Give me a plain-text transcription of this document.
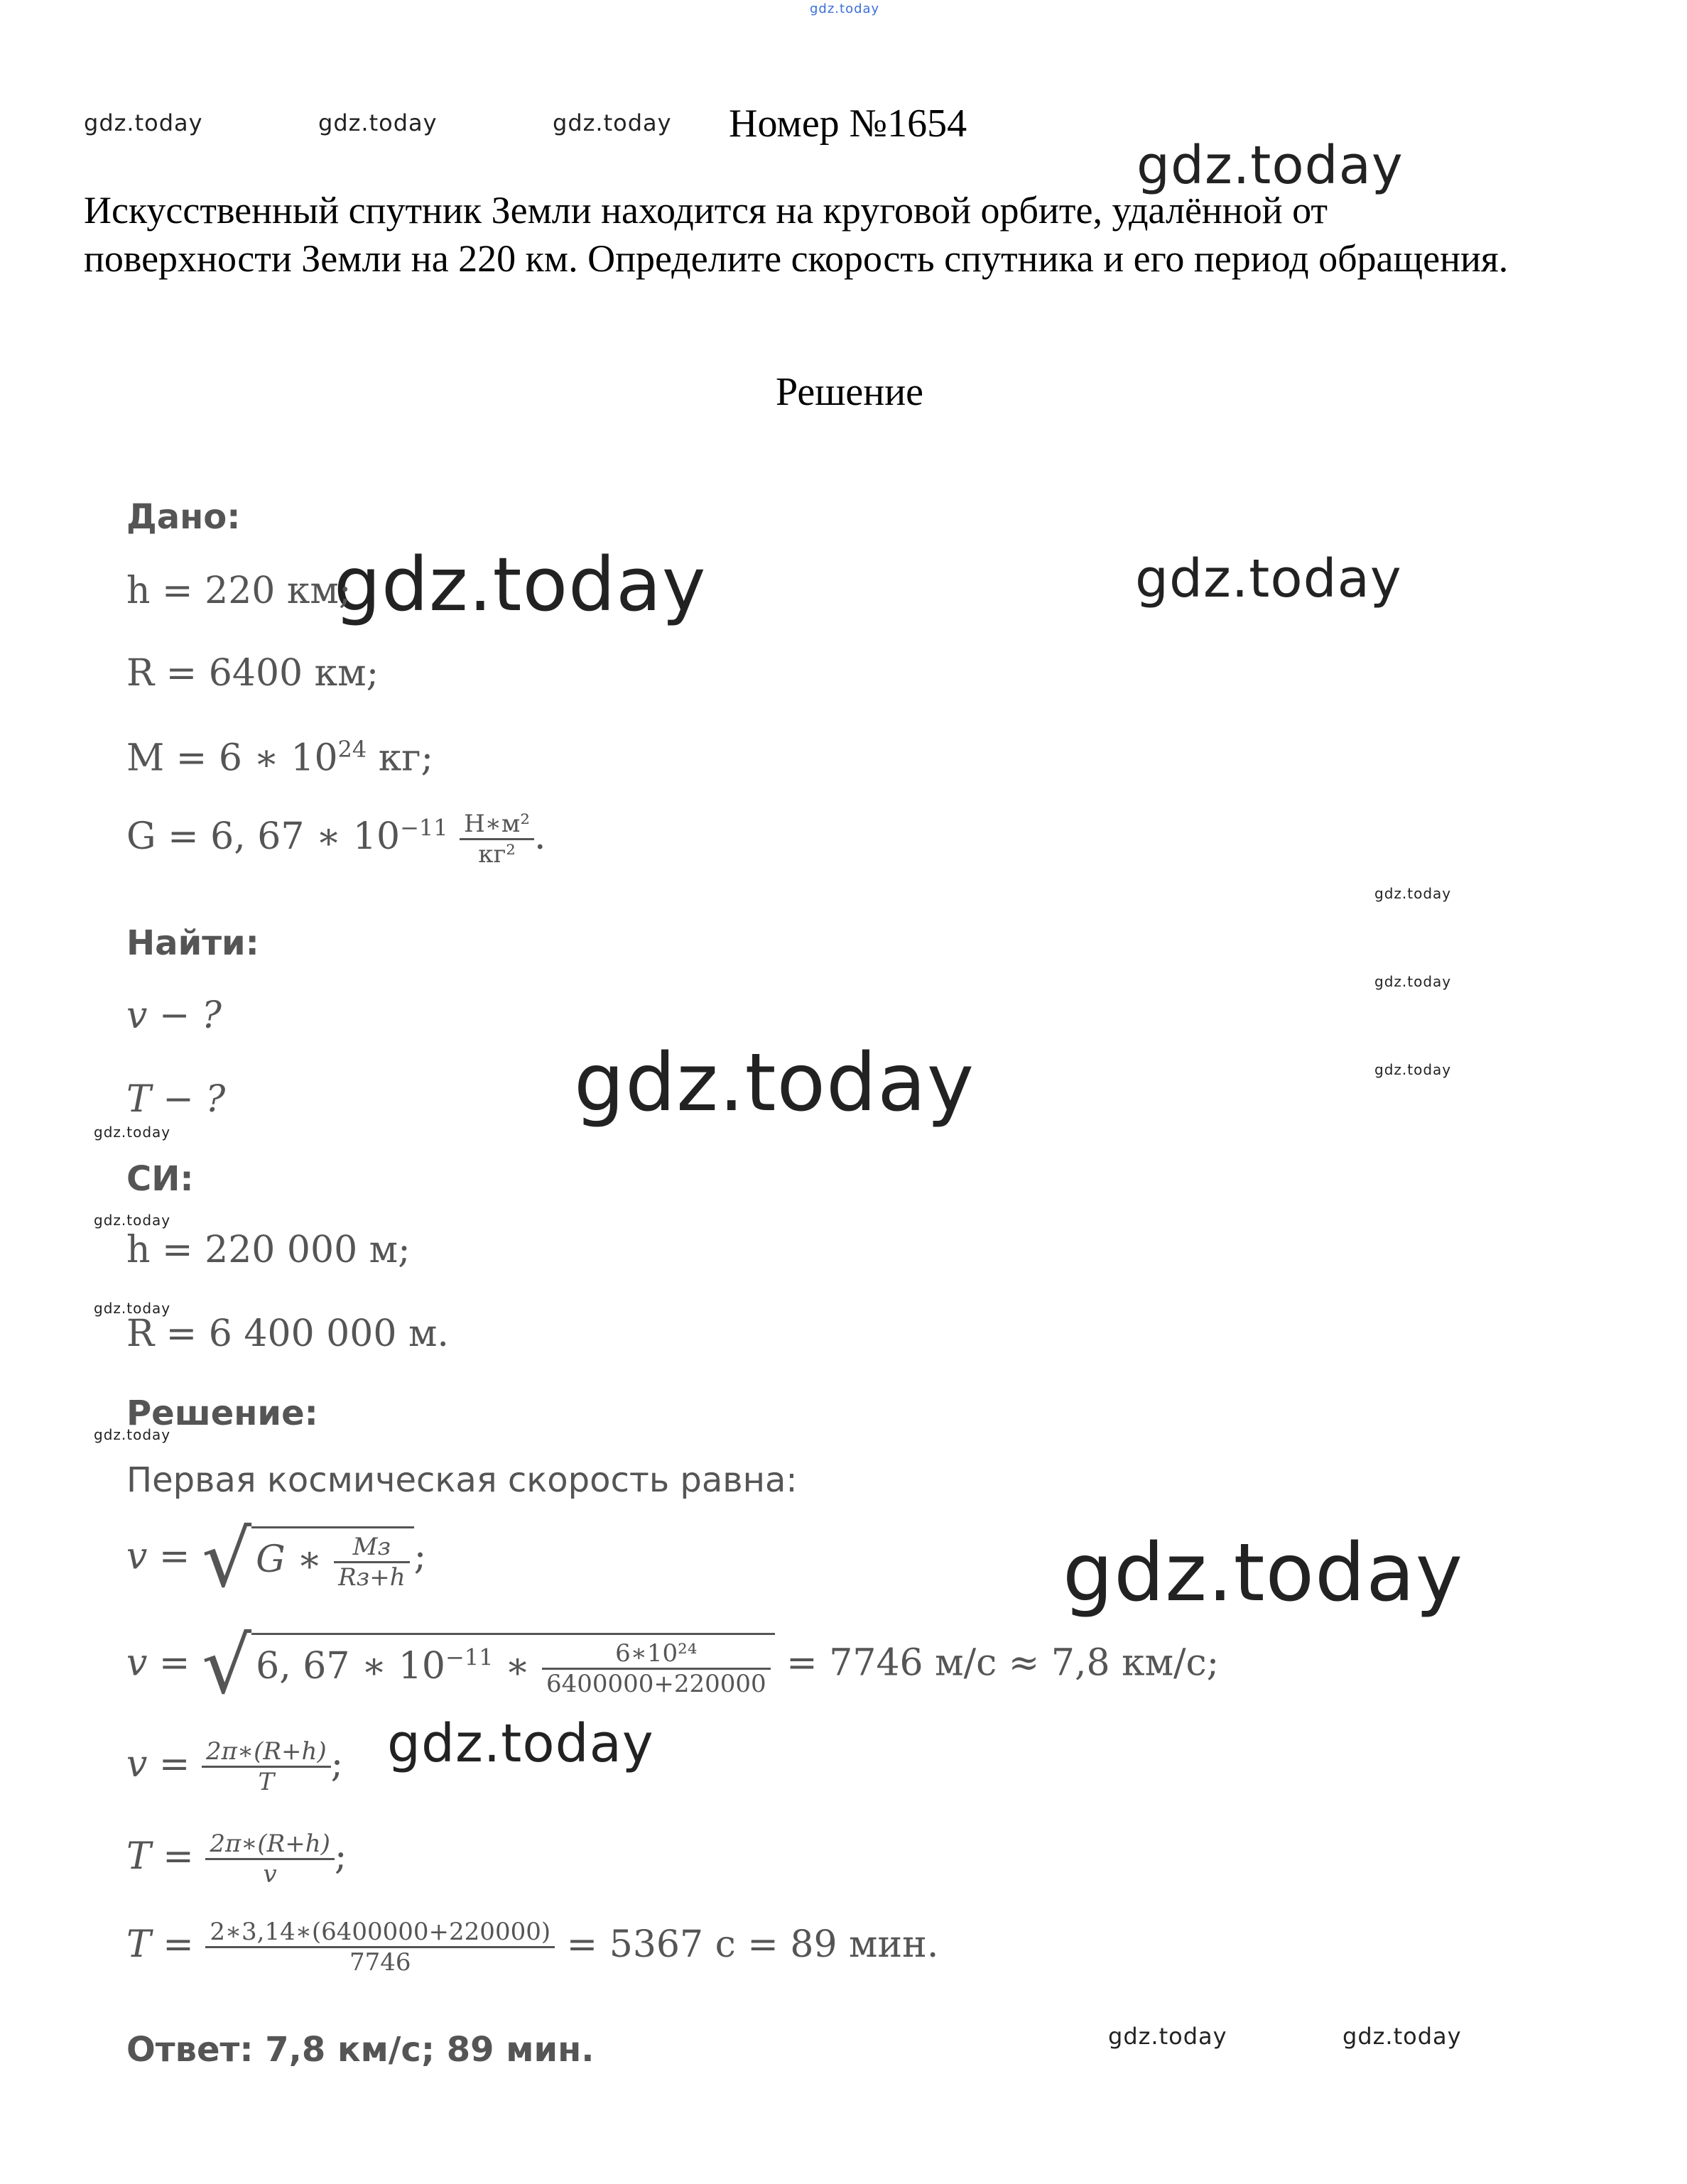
gdz.today
gdz.today	gdz.today	gdz.today
gdz.today
gdz.today	gdz.today
gdz.today
gdz.today
gdz.today
gdz.today
gdz.today
gdz.today
gdz.today
gdz.today
gdz.today
gdz.today
gdz.today	gdz.today
Номер №1654
Искусственный спутник Земли находится на круговой орбите, удалённой от поверхности Земли на 220 км. Определите скорость спутника и его период обращения.
Решение
Дано:
h = 220 км;
R = 6400 км;
M = 6 ∗ $10^{24}$ кг;
G = 6, 67 ∗ $10^{-11} \frac{\text{Н∗м²}}{\text{кг²}}$ .
Найти:
v − ?
T − ?
СИ:
h = 220 000 м;
R = 6 400 000 м.
Решение:
Первая космическая скорость равна:
v = √ G ∗ $\frac{Mз}{Rз+h}$ ;
v = √ 6, 67 ∗ $10^{-11}$ ∗ $\frac{\text{6∗10²⁴}}{6400000+220000} = 7746$ м/с ≈ 7,8 км/с;
$v = \frac{2\pi∗(R+h)}{T}$ ;
$T = \frac{2\pi∗(R+h)}{v}$ ;
$T = \frac{2∗3,14∗(6400000+220000)}{7746} = 5367$ с = 89 мин.
Ответ: 7,8 км/с; 89 мин.
